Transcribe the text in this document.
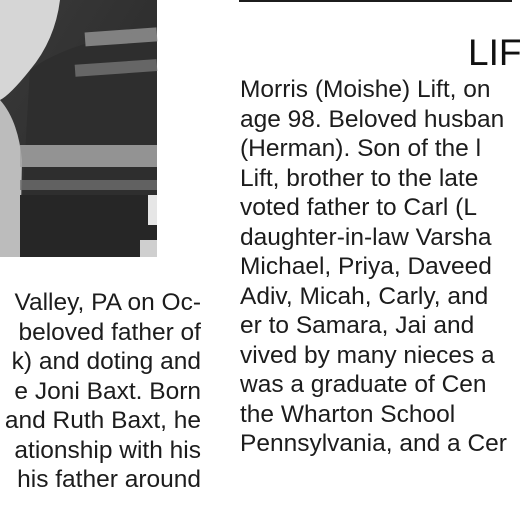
Valley, PA on Oc-
beloved father of
k) and doting and
e Joni Baxt. Born
and Ruth Baxt, he
ationship with his
his father around
LIF
Morris (Moishe) Lift, on
age 98. Beloved husban
(Herman). Son of the l
Lift, brother to the late
voted father to Carl (L
daughter-in-law Varsha
Michael, Priya, Daveed
Adiv, Micah, Carly, and
er to Samara, Jai and
vived by many nieces a
was a graduate of Cen
the Wharton School
Pennsylvania, and a Cer
